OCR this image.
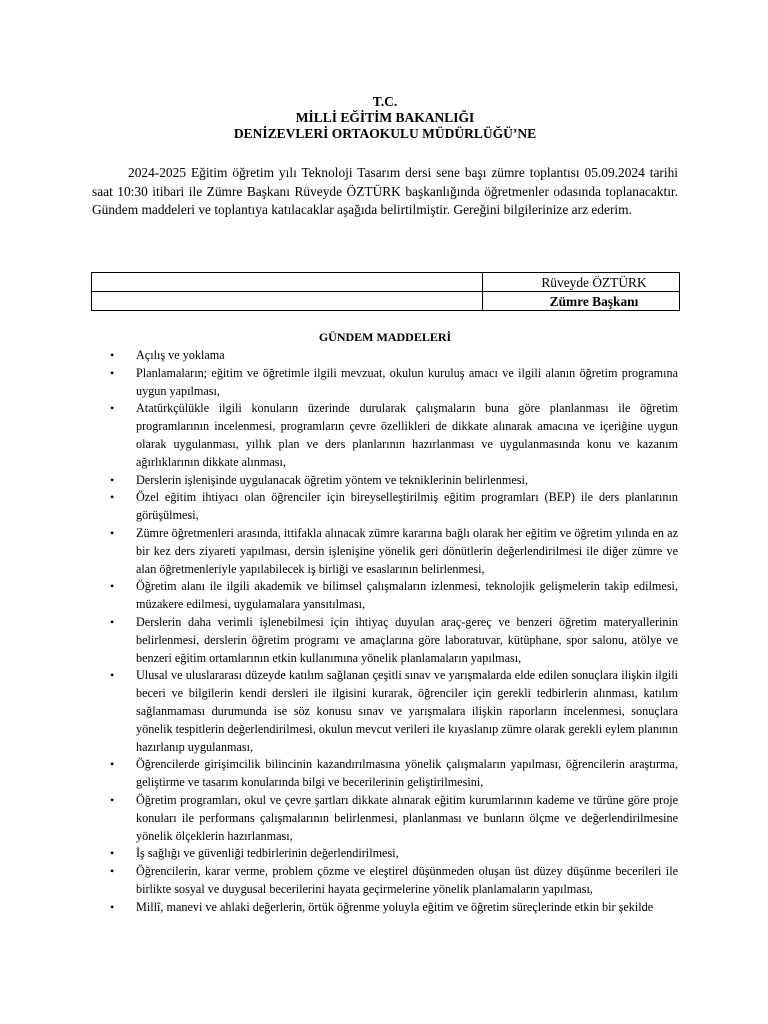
T.C.
MİLLİ EĞİTİM BAKANLIĞI
DENİZEVLERİ ORTAOKULU MÜDÜRLÜĞÜ’NE
2024-2025 Eğitim öğretim yılı Teknoloji Tasarım dersi sene başı zümre toplantısı 05.09.2024 tarihi saat 10:30 itibari ile Zümre Başkanı Rüveyde ÖZTÜRK başkanlığında öğretmenler odasında toplanacaktır. Gündem maddeleri ve toplantıya katılacaklar aşağıda belirtilmiştir. Gereğini bilgilerinize arz ederim.
	Rüveyde ÖZTÜRK
	Zümre Başkanı
GÜNDEM MADDELERİ
• Açılış ve yoklama
• Planlamaların; eğitim ve öğretimle ilgili mevzuat, okulun kuruluş amacı ve ilgili alanın öğretim programına uygun yapılması,
• Atatürkçülükle ilgili konuların üzerinde durularak çalışmaların buna göre planlanması ile öğretim programlarının incelenmesi, programların çevre özellikleri de dikkate alınarak amacına ve içeriğine uygun olarak uygulanması, yıllık plan ve ders planlarının hazırlanması ve uygulanmasında konu ve kazanım ağırlıklarının dikkate alınması,
• Derslerin işlenişinde uygulanacak öğretim yöntem ve tekniklerinin belirlenmesi,
• Özel eğitim ihtiyacı olan öğrenciler için bireyselleştirilmiş eğitim programları (BEP) ile ders planlarının görüşülmesi,
• Zümre öğretmenleri arasında, ittifakla alınacak zümre kararına bağlı olarak her eğitim ve öğretim yılında en az bir kez ders ziyareti yapılması, dersin işlenişine yönelik geri dönütlerin değerlendirilmesi ile diğer zümre ve alan öğretmenleriyle yapılabilecek iş birliği ve esaslarının belirlenmesi,
• Öğretim alanı ile ilgili akademik ve bilimsel çalışmaların izlenmesi, teknolojik gelişmelerin takip edilmesi, müzakere edilmesi, uygulamalara yansıtılması,
• Derslerin daha verimli işlenebilmesi için ihtiyaç duyulan araç-gereç ve benzeri öğretim materyallerinin belirlenmesi, derslerin öğretim programı ve amaçlarına göre laboratuvar, kütüphane, spor salonu, atölye ve benzeri eğitim ortamlarının etkin kullanımına yönelik planlamaların yapılması,
• Ulusal ve uluslararası düzeyde katılım sağlanan çeşitli sınav ve yarışmalarda elde edilen sonuçlara ilişkin ilgili beceri ve bilgilerin kendi dersleri ile ilgisini kurarak, öğrenciler için gerekli tedbirlerin alınması, katılım sağlanmaması durumunda ise söz konusu sınav ve yarışmalara ilişkin raporların incelenmesi, sonuçlara yönelik tespitlerin değerlendirilmesi, okulun mevcut verileri ile kıyaslanıp zümre olarak gerekli eylem planının hazırlanıp uygulanması,
• Öğrencilerde girişimcilik bilincinin kazandırılmasına yönelik çalışmaların yapılması, öğrencilerin araştırma, geliştirme ve tasarım konularında bilgi ve becerilerinin geliştirilmesini,
• Öğretim programları, okul ve çevre şartları dikkate alınarak eğitim kurumlarının kademe ve türüne göre proje konuları ile performans çalışmalarının belirlenmesi, planlanması ve bunların ölçme ve değerlendirilmesine yönelik ölçeklerin hazırlanması,
• İş sağlığı ve güvenliği tedbirlerinin değerlendirilmesi,
• Öğrencilerin, karar verme, problem çözme ve eleştirel düşünmeden oluşan üst düzey düşünme becerileri ile birlikte sosyal ve duygusal becerilerini hayata geçirmelerine yönelik planlamaların yapılması,
• Millî, manevi ve ahlaki değerlerin, örtük öğrenme yoluyla eğitim ve öğretim süreçlerinde etkin bir şekilde
